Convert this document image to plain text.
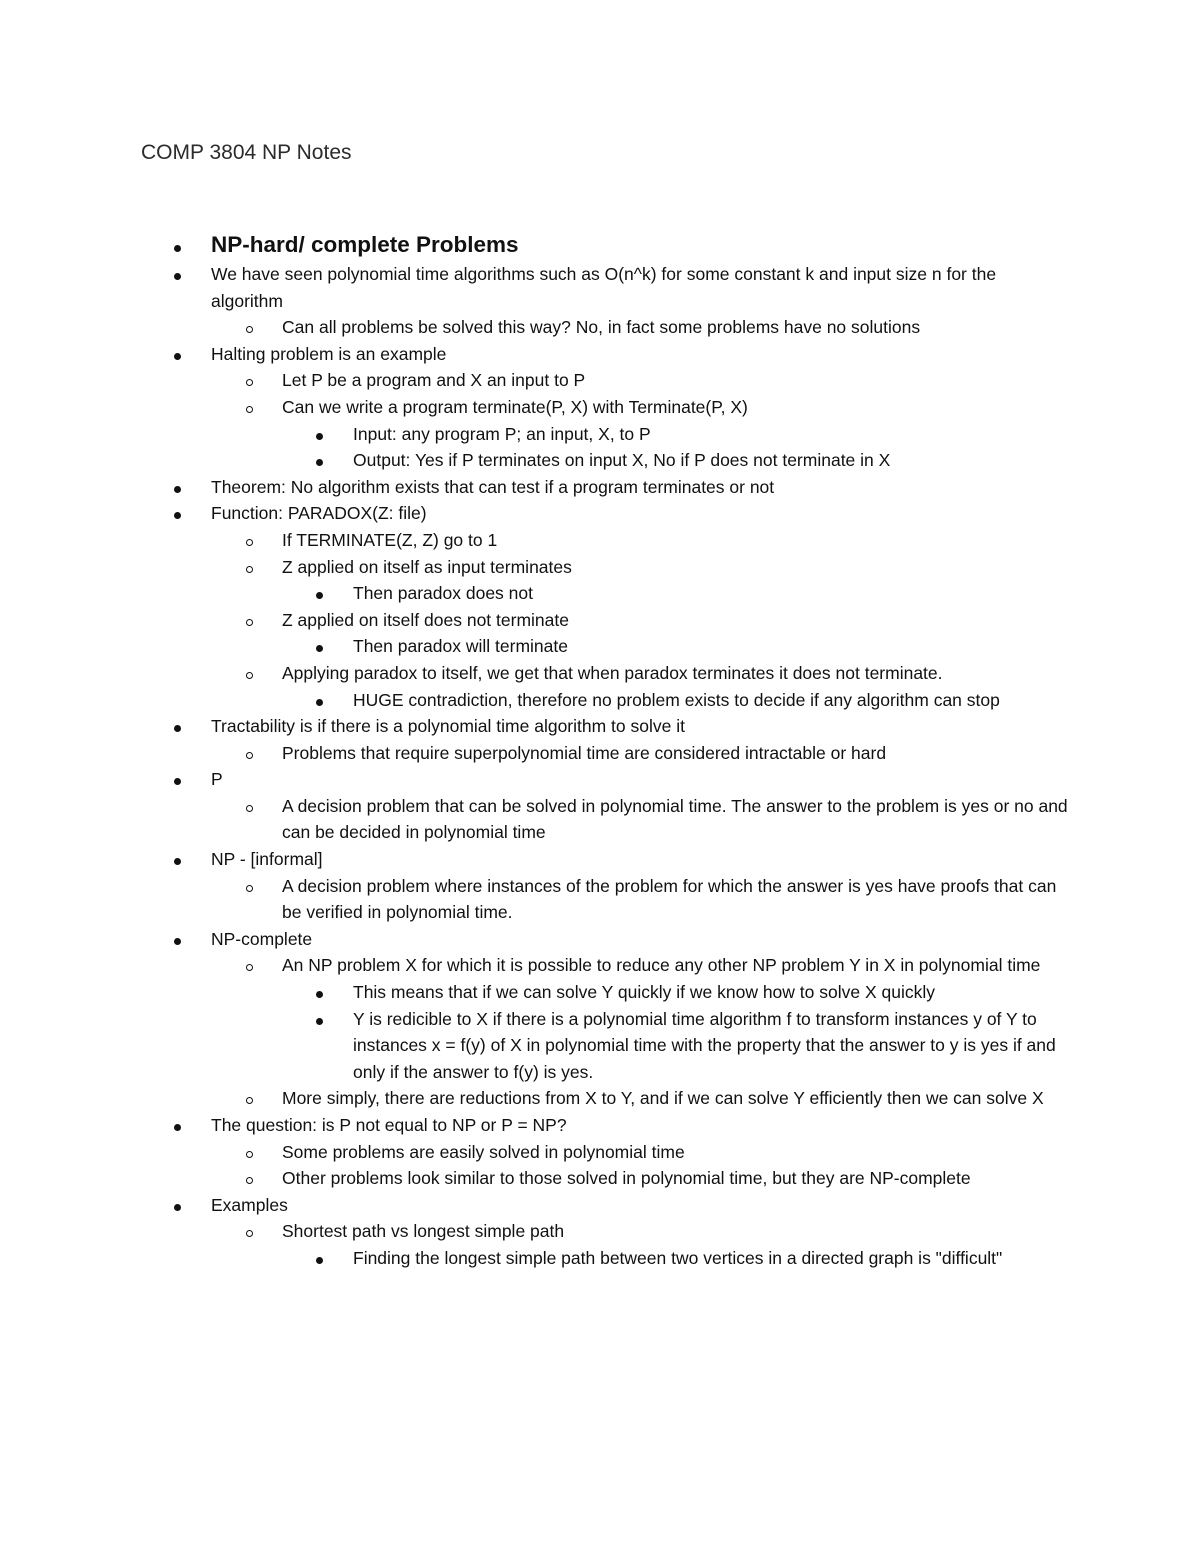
COMP 3804 NP Notes
NP-hard/ complete Problems
We have seen polynomial time algorithms such as O(n^k) for some constant k and input size n for the algorithm
Can all problems be solved this way? No, in fact some problems have no solutions
Halting problem is an example
Let P be a program and X an input to P
Can we write a program terminate(P, X) with Terminate(P, X)
Input: any program P; an input, X, to P
Output: Yes if P terminates on input X, No if P does not terminate in X
Theorem: No algorithm exists that can test if a program terminates or not
Function: PARADOX(Z: file)
If TERMINATE(Z, Z) go to 1
Z applied on itself as input terminates
Then paradox does not
Z applied on itself does not terminate
Then paradox will terminate
Applying paradox to itself, we get that when paradox terminates it does not terminate.
HUGE contradiction, therefore no problem exists to decide if any algorithm can stop
Tractability is if there is a polynomial time algorithm to solve it
Problems that require superpolynomial time are considered intractable or hard
P
A decision problem that can be solved in polynomial time. The answer to the problem is yes or no and can be decided in polynomial time
NP - [informal]
A decision problem where instances of the problem for which the answer is yes have proofs that can be verified in polynomial time.
NP-complete
An NP problem X for which it is possible to reduce any other NP problem Y in X in polynomial time
This means that if we can solve Y quickly if we know how to solve X quickly
Y is redicible to X if there is a polynomial time algorithm f to transform instances y of Y to instances x = f(y) of X in polynomial time with the property that the answer to y is yes if and only if the answer to f(y) is yes.
More simply, there are reductions from X to Y, and if we can solve Y efficiently then we can solve X
The question: is P not equal to NP or P = NP?
Some problems are easily solved in polynomial time
Other problems look similar to those solved in polynomial time, but they are NP-complete
Examples
Shortest path vs longest simple path
Finding the longest simple path between two vertices in a directed graph is "difficult"
